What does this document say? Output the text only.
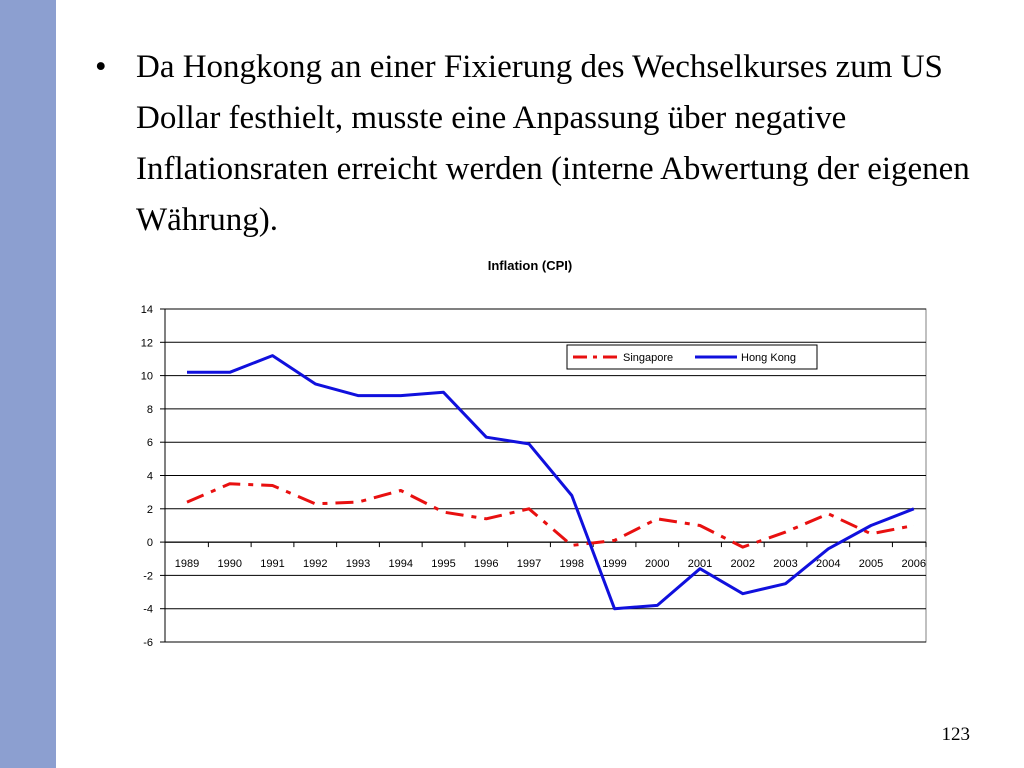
• Da Hongkong an einer Fixierung des Wechselkurses zum US Dollar festhielt, musste eine Anpassung über negative Inflationsraten erreicht werden (interne Abwertung der eigenen Währung).
Inflation (CPI)
14
12
10
8
6
4
2
0
-2
-4
-6
1989 1990 1991 1992 1993 1994 1995 1996 1997 1998 1999 2000 2001 2002 2003 2004 2005 2006
Singapore	Hong Kong
123
